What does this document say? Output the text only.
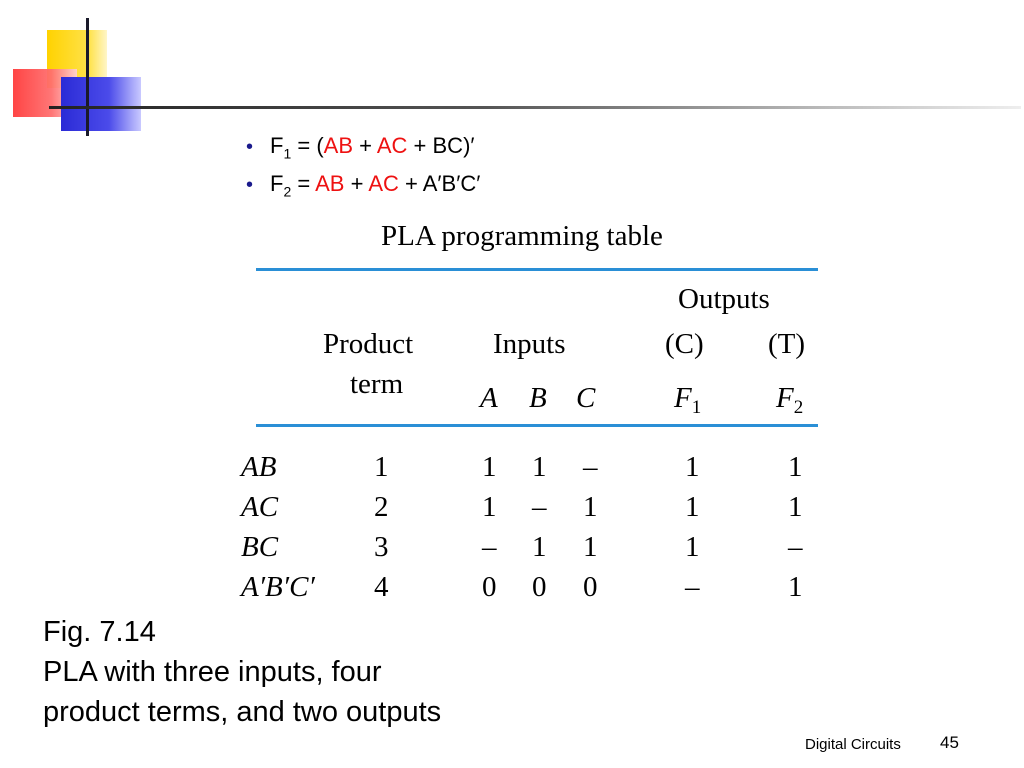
• $F_1 = (AB$ + AC + BC)′
• $F_2$ = AB + AC + A′B′C′
PLA programming table
Outputs
Product
term
Inputs	(C) (T)
A B C	$F_1$	$F_2$
AB	1	1 1 –	1	1
AC	2	1 – 1	1	1
BC	3	– 1 1	1	–
A′B′C′ 4	0 0 0	–	1
Fig. 7.14
PLA with three inputs, four
product terms, and two outputs
Digital Circuits 45
